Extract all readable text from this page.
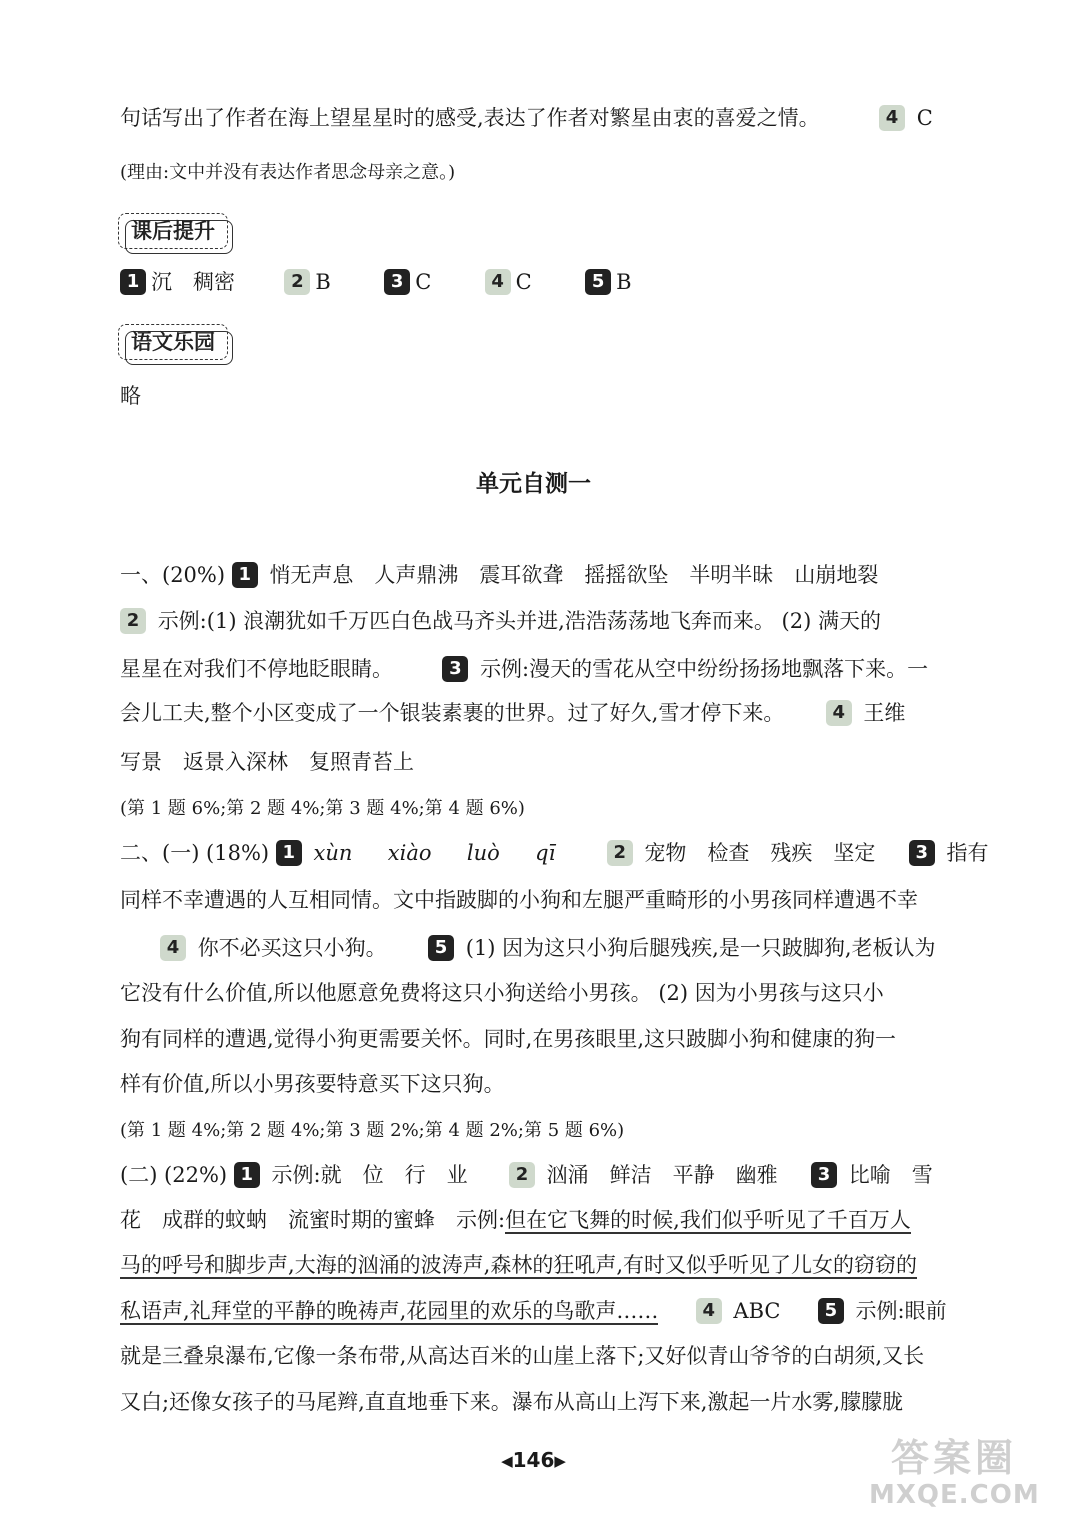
句话写出了作者在海上望星星时的感受,表达了作者对繁星由衷的喜爱之情。	4 C
(理由:文中并没有表达作者思念母亲之意。)
课后提升
1 沉　稠密	2 B	3 C	4 C	5 B
语文乐园
略
单元自测一
一、(20%) 1 悄无声息　人声鼎沸　震耳欲聋　摇摇欲坠　半明半昧　山崩地裂
2 示例:(1) 浪潮犹如千万匹白色战马齐头并进,浩浩荡荡地飞奔而来。 (2) 满天的
星星在对我们不停地眨眼睛。	3 示例:漫天的雪花从空中纷纷扬扬地飘落下来。一
会儿工夫,整个小区变成了一个银装素裹的世界。过了好久,雪才停下来。	4 王维
写景　返景入深林　复照青苔上
(第 1 题 6%;第 2 题 4%;第 3 题 4%;第 4 题 6%)
二、(一) (18%) 1 xùn xiào luò qī	2 宠物　检查　残疾　坚定 3 指有
同样不幸遭遇的人互相同情。文中指跛脚的小狗和左腿严重畸形的小男孩同样遭遇不幸
4 你不必买这只小狗。	5 (1) 因为这只小狗后腿残疾,是一只跛脚狗,老板认为
它没有什么价值,所以他愿意免费将这只小狗送给小男孩。 (2) 因为小男孩与这只小
狗有同样的遭遇,觉得小狗更需要关怀。同时,在男孩眼里,这只跛脚小狗和健康的狗一
样有价值,所以小男孩要特意买下这只狗。
(第 1 题 4%;第 2 题 4%;第 3 题 2%;第 4 题 2%;第 5 题 6%)
(二) (22%) 1 示例:就　位　行　业	2 汹涌　鲜洁　平静　幽雅 3 比喻　雪
花　成群的蚊蚋　流蜜时期的蜜蜂　示例:但在它飞舞的时候,我们似乎听见了千百万人
马的呼号和脚步声,大海的汹涌的波涛声,森林的狂吼声,有时又似乎听见了儿女的窃窃的
私语声,礼拜堂的平静的晚祷声,花园里的欢乐的鸟歌声…… 4 ABC 5 示例:眼前
就是三叠泉瀑布,它像一条布带,从高达百米的山崖上落下;又好似青山爷爷的白胡须,又长
又白;还像女孩子的马尾辫,直直地垂下来。瀑布从高山上泻下来,激起一片水雾,朦朦胧
◀146▶	答案圈
MXQE.COM
